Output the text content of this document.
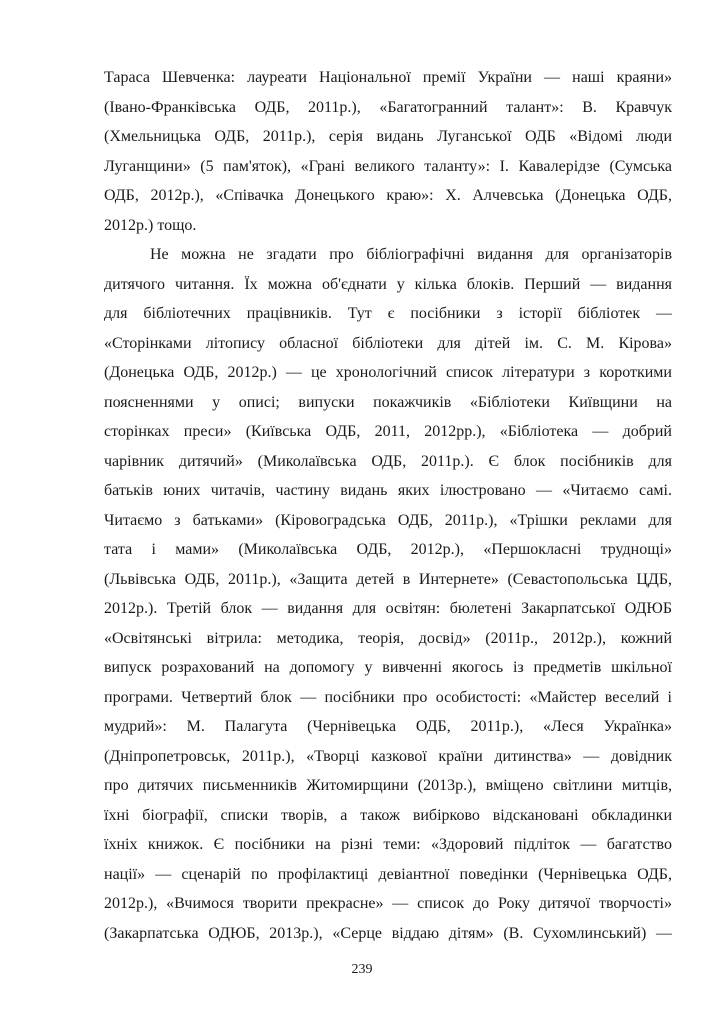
Тараса Шевченка: лауреати Національної премії України — наші краяни»
(Івано-Франківська ОДБ, 2011р.), «Багатогранний талант»: В. Кравчук
(Хмельницька ОДБ, 2011р.), серія видань Луганської ОДБ «Відомі люди
Луганщини» (5 пам'яток), «Грані великого таланту»: І. Кавалерідзе (Сумська
ОДБ, 2012р.), «Співачка Донецького краю»: Х. Алчевська (Донецька ОДБ,
2012р.) тощо.
Не можна не згадати про бібліографічні видання для організаторів
дитячого читання. Їх можна об'єднати у кілька блоків. Перший — видання
для бібліотечних працівників. Тут є посібники з історії бібліотек —
«Сторінками літопису обласної бібліотеки для дітей ім. С. М. Кірова»
(Донецька ОДБ, 2012р.) — це хронологічний список літератури з короткими
поясненнями у описі; випуски покажчиків «Бібліотеки Київщини на
сторінках преси» (Київська ОДБ, 2011, 2012рр.), «Бібліотека — добрий
чарівник дитячий» (Миколаївська ОДБ, 2011р.). Є блок посібників для
батьків юних читачів, частину видань яких ілюстровано — «Читаємо самі.
Читаємо з батьками» (Кіровоградська ОДБ, 2011р.), «Трішки реклами для
тата і мами» (Миколаївська ОДБ, 2012р.), «Першокласні труднощі»
(Львівська ОДБ, 2011р.), «Защита детей в Интернете» (Севастопольська ЦДБ,
2012р.). Третій блок — видання для освітян: бюлетені Закарпатської ОДЮБ
«Освітянські вітрила: методика, теорія, досвід» (2011р., 2012р.), кожний
випуск розрахований на допомогу у вивченні якогось із предметів шкільної
програми. Четвертий блок — посібники про особистості: «Майстер веселий і
мудрий»: М. Палагута (Чернівецька ОДБ, 2011р.), «Леся Українка»
(Дніпропетровськ, 2011р.), «Творці казкової країни дитинства» — довідник
про дитячих письменників Житомирщини (2013р.), вміщено світлини митців,
їхні біографії, списки творів, а також вибірково відскановані обкладинки
їхніх книжок. Є посібники на різні теми: «Здоровий підліток — багатство
нації» — сценарій по профілактиці девіантної поведінки (Чернівецька ОДБ,
2012р.), «Вчимося творити прекрасне» — список до Року дитячої творчості»
(Закарпатська ОДЮБ, 2013р.), «Серце віддаю дітям» (В. Сухомлинський) —
239
